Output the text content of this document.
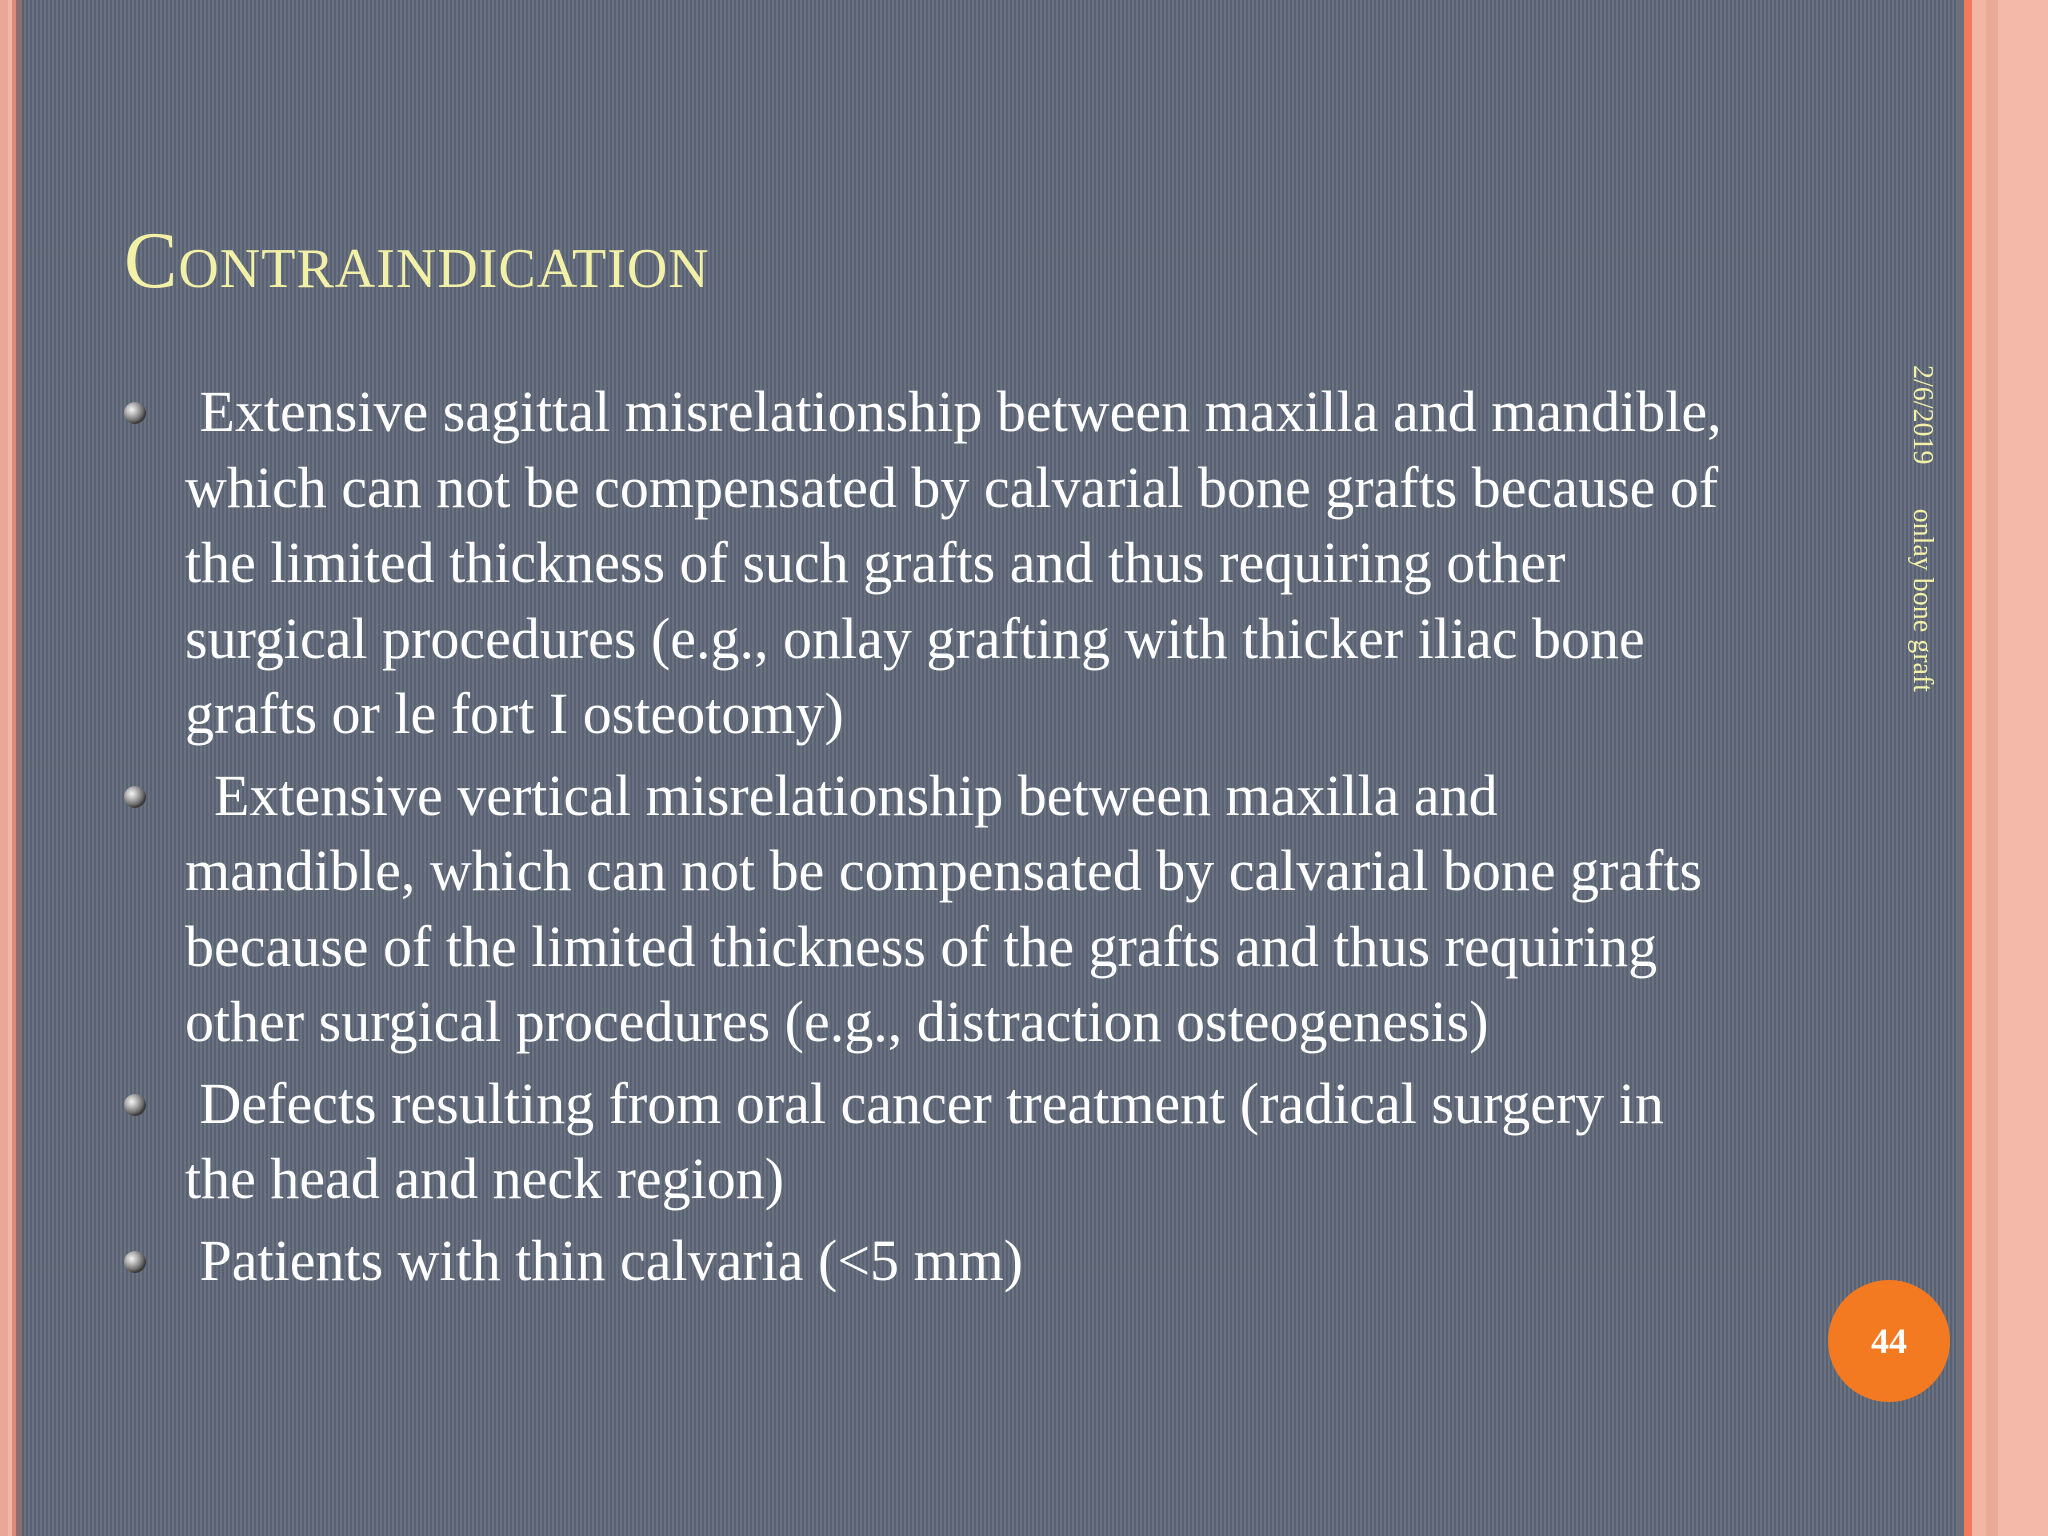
Contraindication
Extensive sagittal misrelationship between maxilla and mandible, which can not be compensated by calvarial bone grafts because of the limited thickness of such grafts and thus requiring other surgical procedures (e.g., onlay grafting with thicker iliac bone grafts or le fort I osteotomy)
Extensive vertical misrelationship between maxilla and mandible, which can not be compensated by calvarial bone grafts because of the limited thickness of the grafts and thus requiring other surgical procedures (e.g., distraction osteogenesis)
Defects resulting from oral cancer treatment (radical surgery in the head and neck region)
Patients with thin calvaria (<5 mm)
2/6/2019onlay bone graft
44
